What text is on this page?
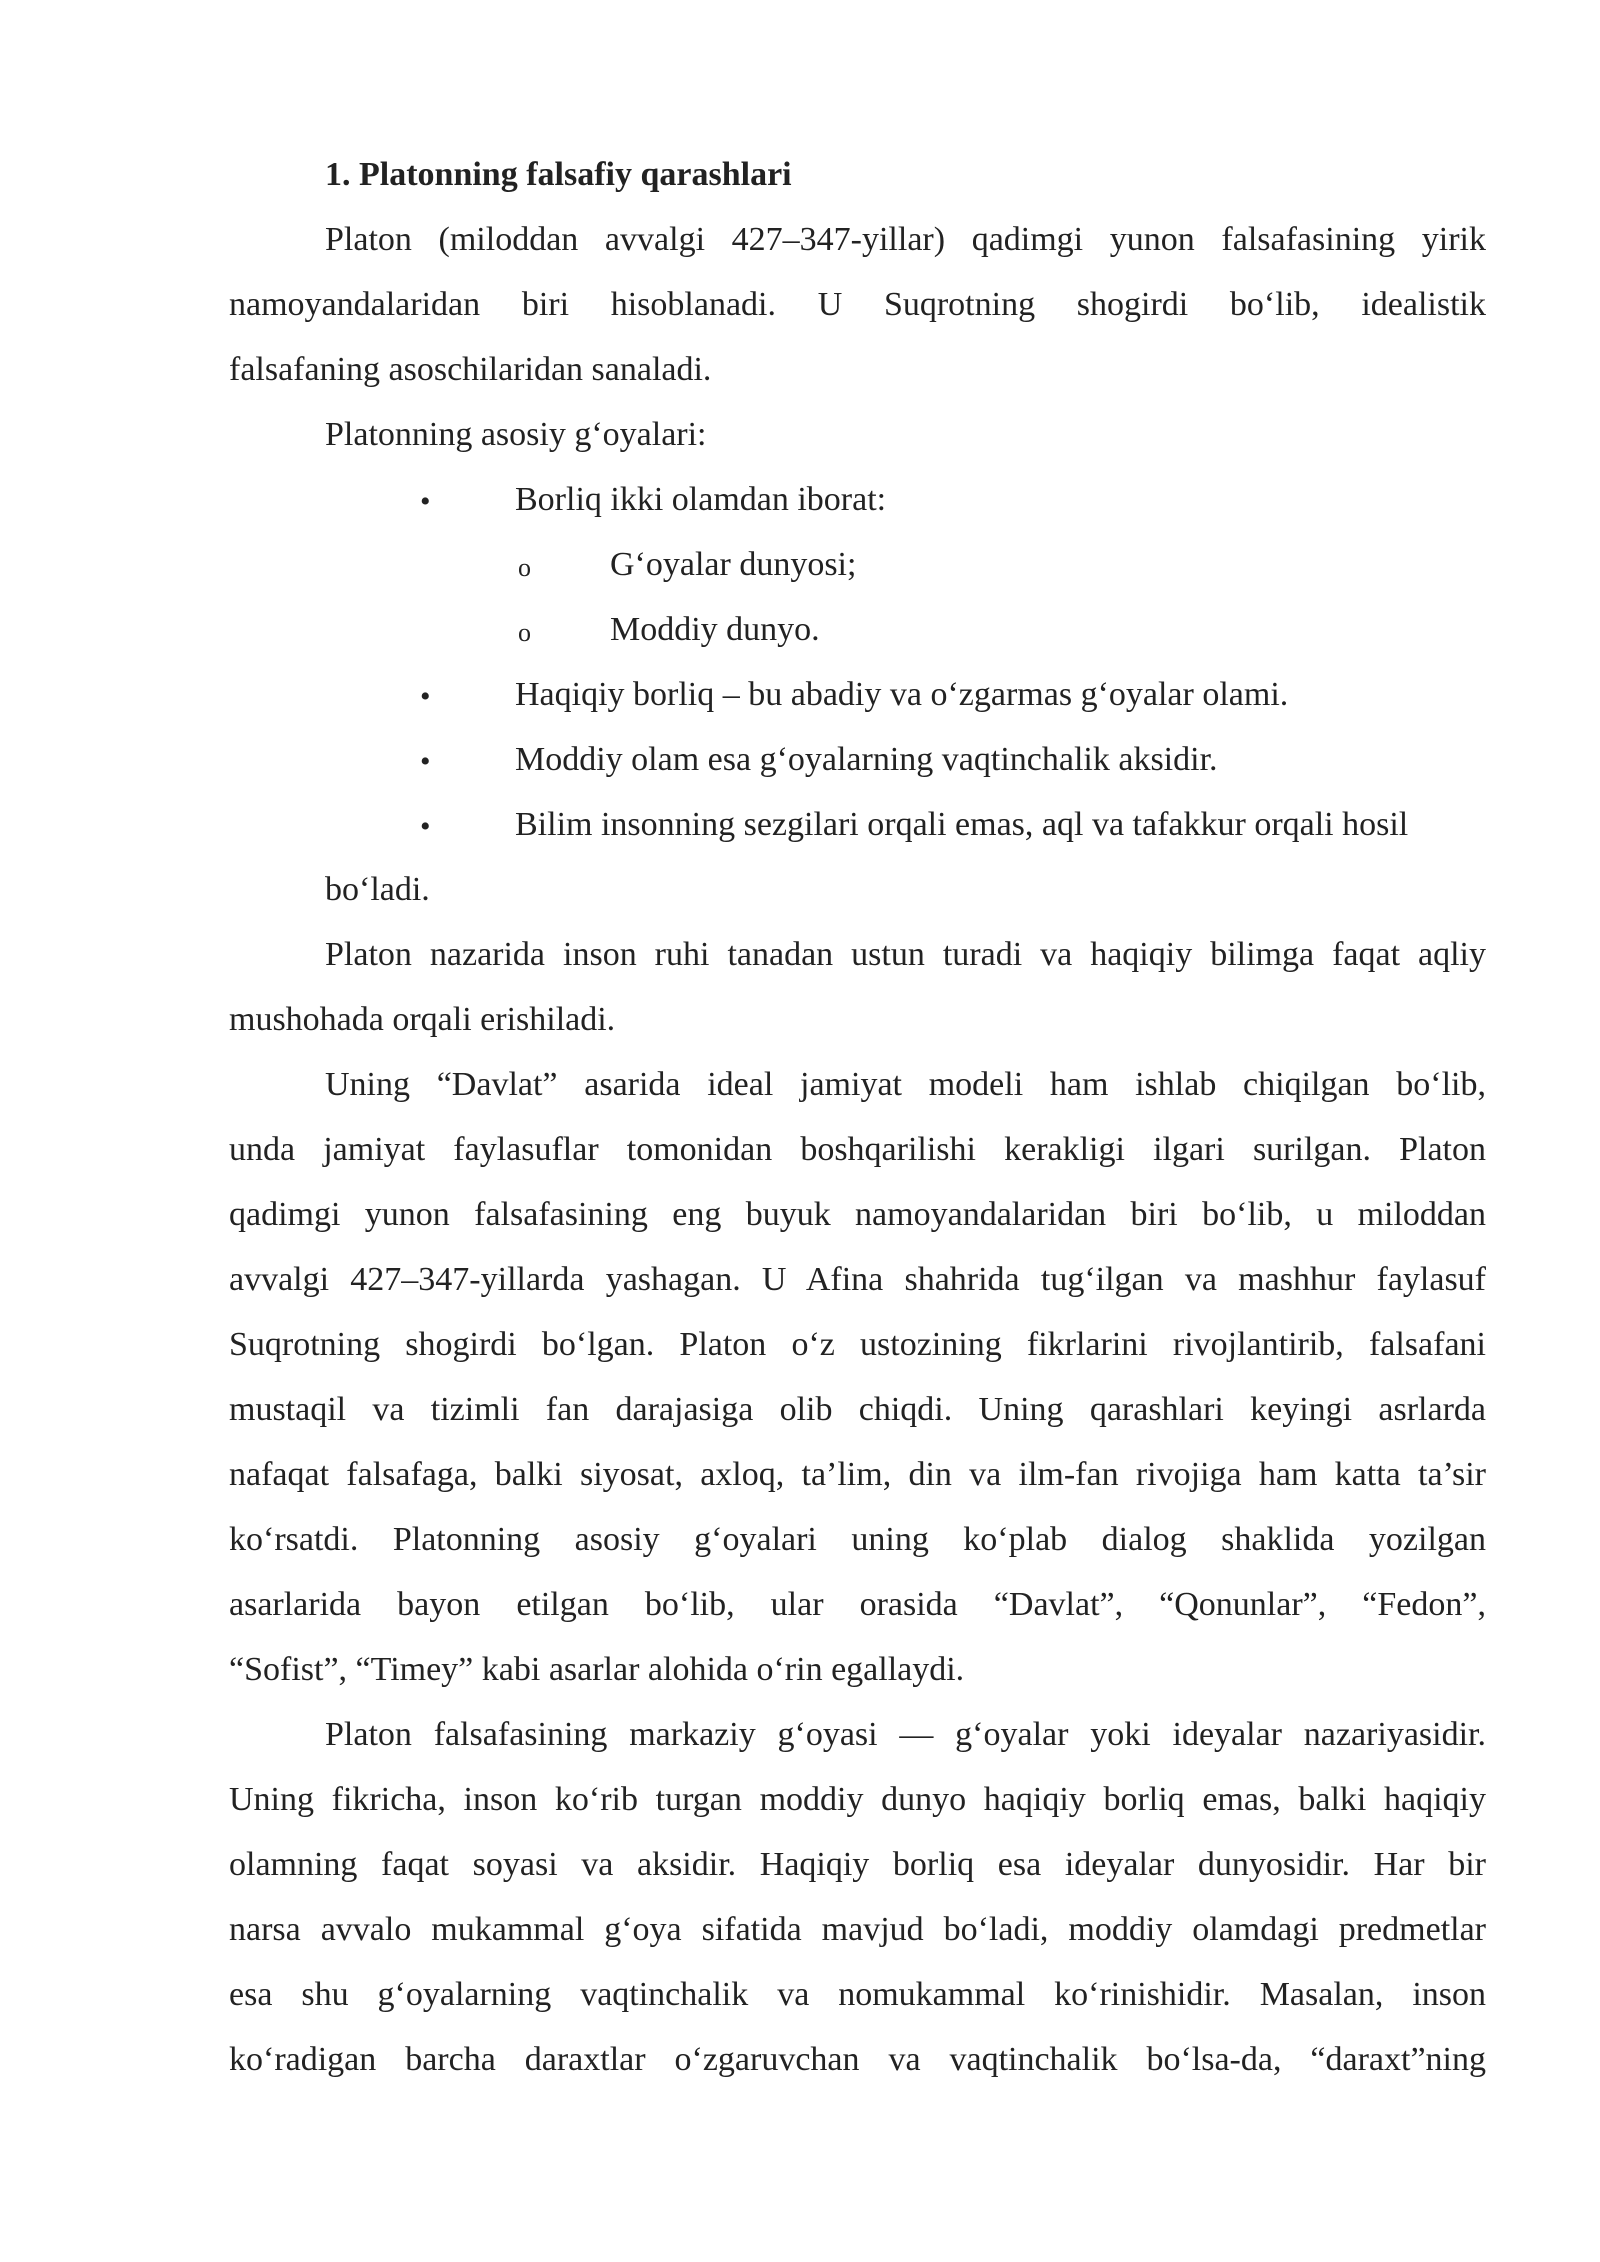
1. Platonning falsafiy qarashlari
Platon (miloddan avvalgi 427–347-yillar) qadimgi yunon falsafasining yirik
namoyandalaridan biri hisoblanadi. U Suqrotning shogirdi bo‘lib, idealistik
falsafaning asoschilaridan sanaladi.
Platonning asosiy g‘oyalari:
• Borliq ikki olamdan iborat:
o G‘oyalar dunyosi;
o Moddiy dunyo.
• Haqiqiy borliq – bu abadiy va o‘zgarmas g‘oyalar olami.
• Moddiy olam esa g‘oyalarning vaqtinchalik aksidir.
• Bilim insonning sezgilari orqali emas, aql va tafakkur orqali hosil
bo‘ladi.
Platon nazarida inson ruhi tanadan ustun turadi va haqiqiy bilimga faqat aqliy
mushohada orqali erishiladi.
Uning “Davlat” asarida ideal jamiyat modeli ham ishlab chiqilgan bo‘lib,
unda jamiyat faylasuflar tomonidan boshqarilishi kerakligi ilgari surilgan. Platon
qadimgi yunon falsafasining eng buyuk namoyandalaridan biri bo‘lib, u miloddan
avvalgi 427–347-yillarda yashagan. U Afina shahrida tug‘ilgan va mashhur faylasuf
Suqrotning shogirdi bo‘lgan. Platon o‘z ustozining fikrlarini rivojlantirib, falsafani
mustaqil va tizimli fan darajasiga olib chiqdi. Uning qarashlari keyingi asrlarda
nafaqat falsafaga, balki siyosat, axloq, ta’lim, din va ilm-fan rivojiga ham katta ta’sir
ko‘rsatdi. Platonning asosiy g‘oyalari uning ko‘plab dialog shaklida yozilgan
asarlarida bayon etilgan bo‘lib, ular orasida “Davlat”, “Qonunlar”, “Fedon”,
“Sofist”, “Timey” kabi asarlar alohida o‘rin egallaydi.
Platon falsafasining markaziy g‘oyasi — g‘oyalar yoki ideyalar nazariyasidir.
Uning fikricha, inson ko‘rib turgan moddiy dunyo haqiqiy borliq emas, balki haqiqiy
olamning faqat soyasi va aksidir. Haqiqiy borliq esa ideyalar dunyosidir. Har bir
narsa avvalo mukammal g‘oya sifatida mavjud bo‘ladi, moddiy olamdagi predmetlar
esa shu g‘oyalarning vaqtinchalik va nomukammal ko‘rinishidir. Masalan, inson
ko‘radigan barcha daraxtlar o‘zgaruvchan va vaqtinchalik bo‘lsa-da, “daraxt”ning
